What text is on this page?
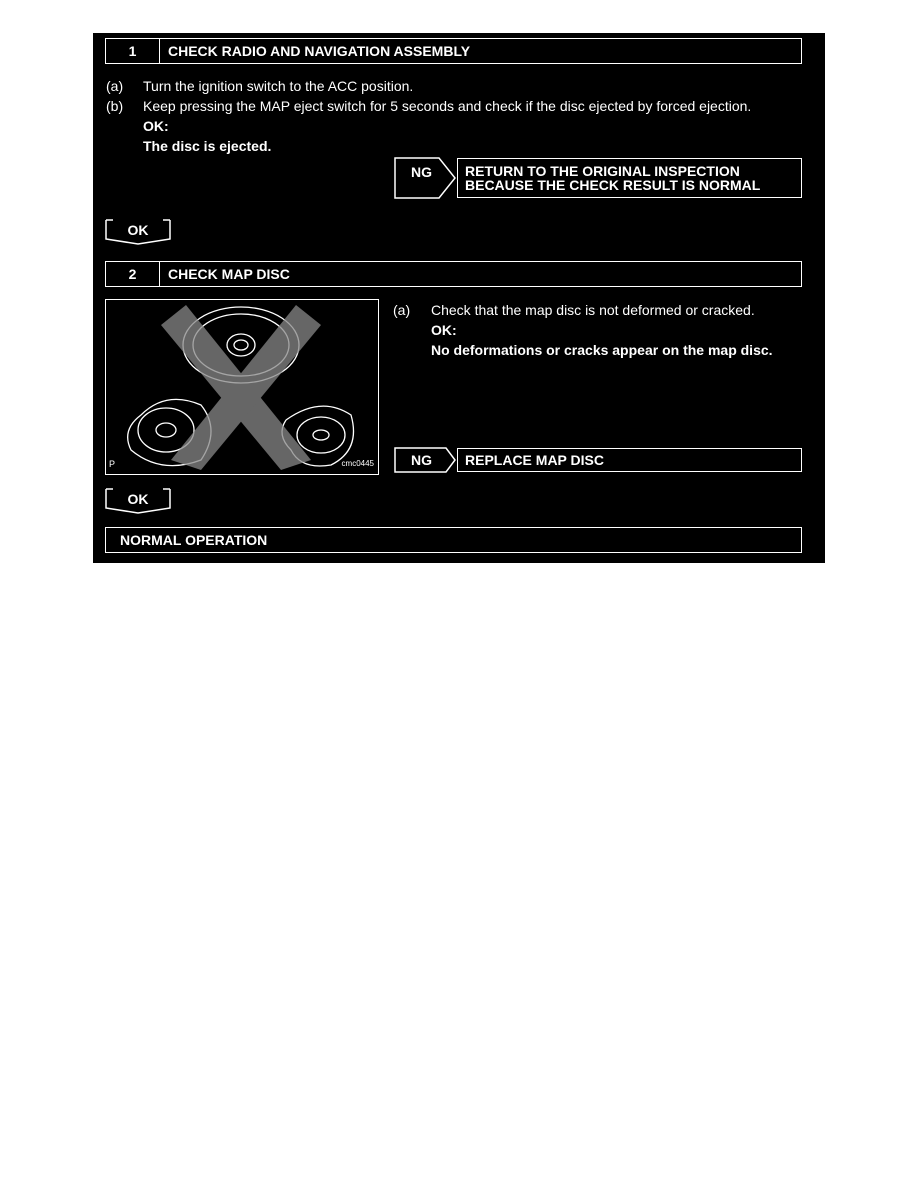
1	CHECK RADIO AND NAVIGATION ASSEMBLY
(a) Turn the ignition switch to the ACC position.
(b) Keep pressing the MAP eject switch for 5 seconds and check if the disc ejected by forced ejection.
OK:
The disc is ejected.
NG RETURN TO THE ORIGINAL INSPECTION
BECAUSE THE CHECK RESULT IS NORMAL
OK
2	CHECK MAP DISC
P	cmc0445
(a) Check that the map disc is not deformed or cracked.
OK:
No deformations or cracks appear on the map disc.
NG	REPLACE MAP DISC
OK
NORMAL OPERATION
